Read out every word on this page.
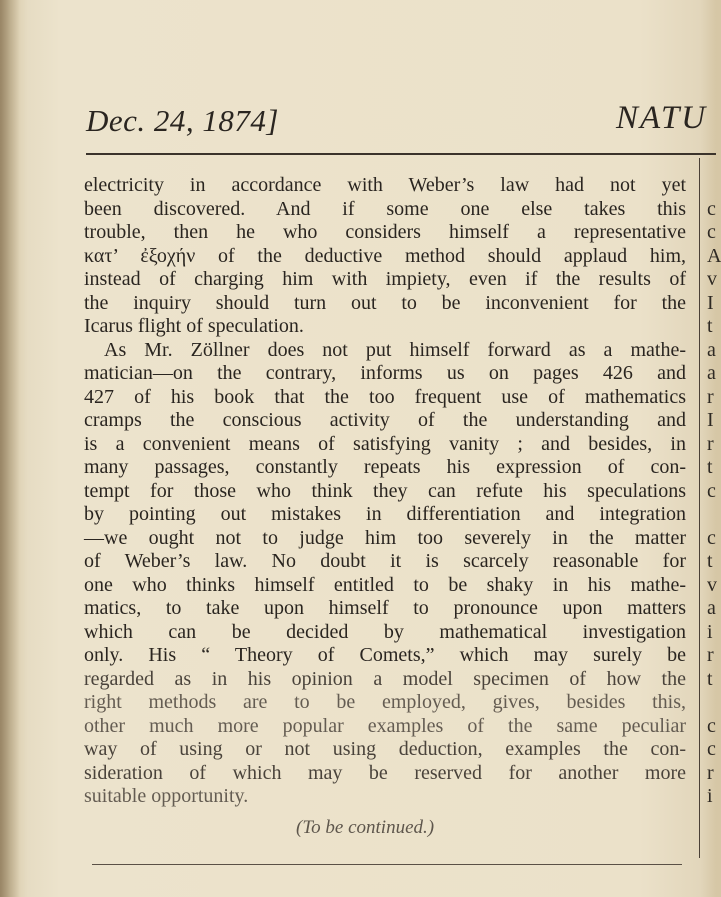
Dec. 24, 1874]	NATU
electricity in accordance with Weber’s law had not yet
been discovered. And if some one else takes this
trouble, then he who considers himself a representative
κατ’ ἐξοχήν of the deductive method should applaud him,
instead of charging him with impiety, even if the results of
the inquiry should turn out to be inconvenient for the
Icarus flight of speculation.
As Mr. Zöllner does not put himself forward as a mathe-
matician—on the contrary, informs us on pages 426 and
427 of his book that the too frequent use of mathematics
cramps the conscious activity of the understanding and
is a convenient means of satisfying vanity ; and besides, in
many passages, constantly repeats his expression of con-
tempt for those who think they can refute his speculations
by pointing out mistakes in differentiation and integration
—we ought not to judge him too severely in the matter
of Weber’s law. No doubt it is scarcely reasonable for
one who thinks himself entitled to be shaky in his mathe-
matics, to take upon himself to pronounce upon matters
which can be decided by mathematical investigation
only. His “ Theory of Comets,” which may surely be
regarded as in his opinion a model specimen of how the
right methods are to be employed, gives, besides this,
other much more popular examples of the same peculiar
way of using or not using deduction, examples the con-
sideration of which may be reserved for another more
suitable opportunity.
(To be continued.)
c
c
A
v
I
t
a
a
r
I
r
t
c
c
t
v
a
i
r
t
c
c
r
i
